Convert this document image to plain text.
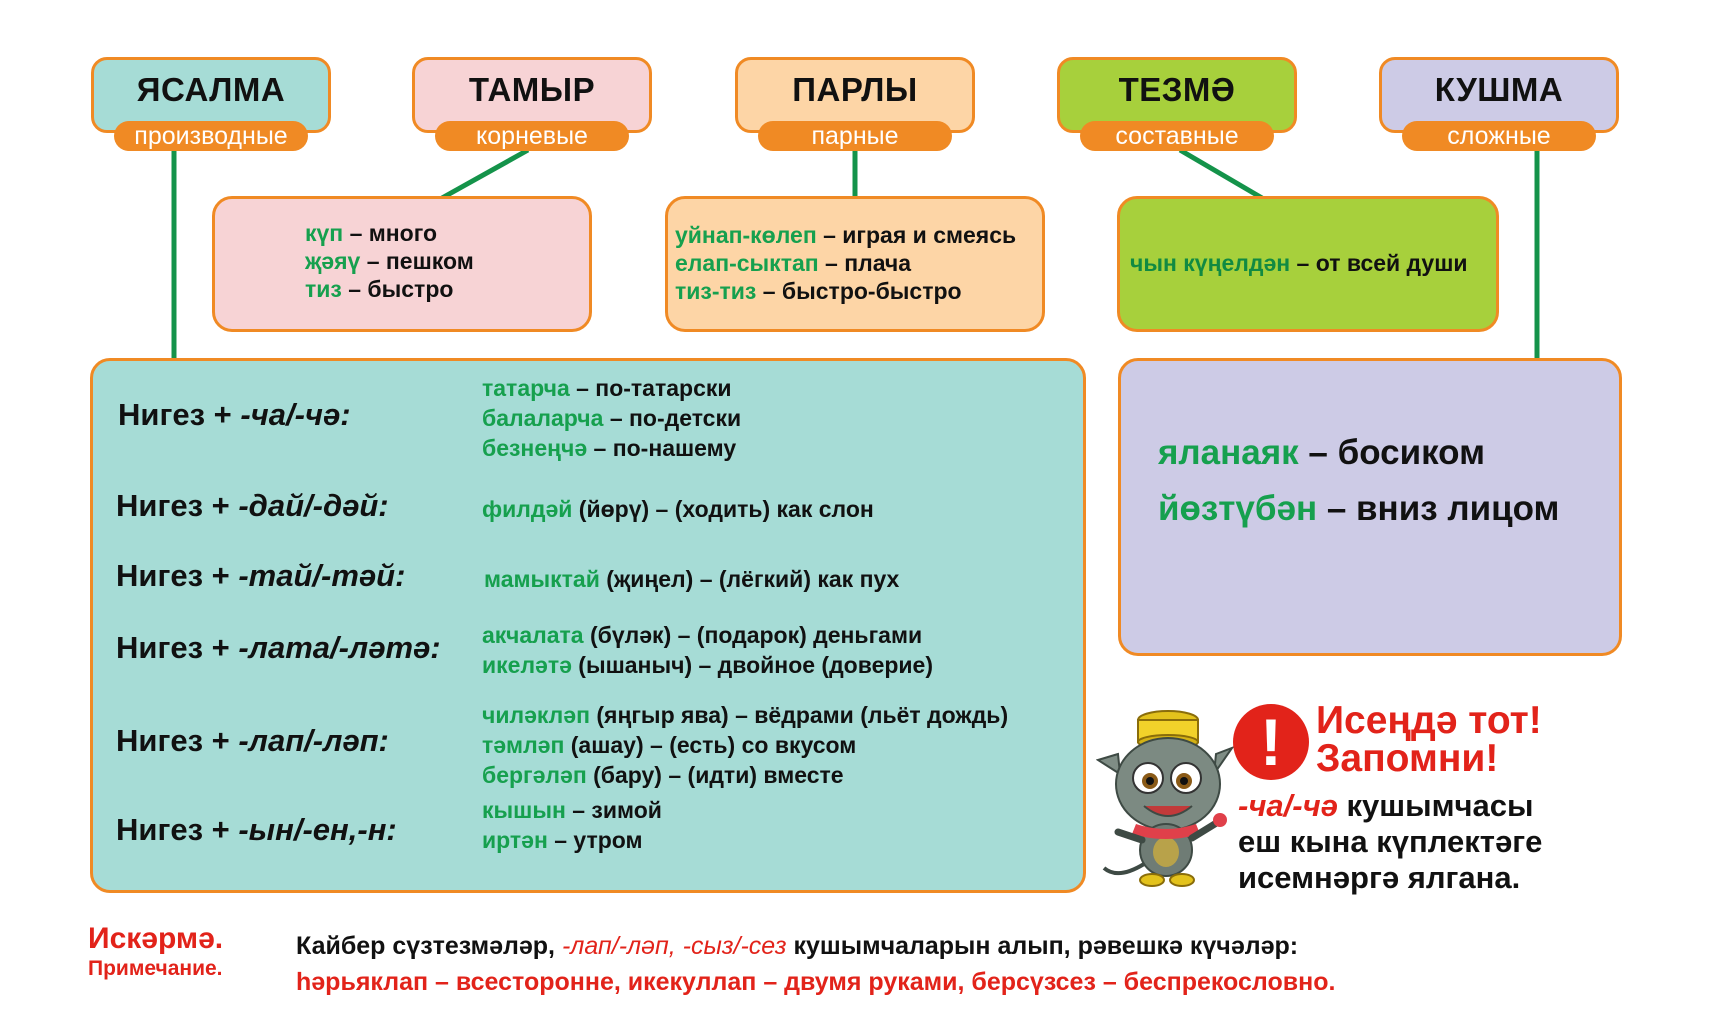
ЯСАЛМА
производные
ТАМЫР
корневые
ПАРЛЫ
парные
ТЕЗМӘ
составные
КУШМА
сложные
күп – много
җәяү – пешком
тиз – быстро
уйнап-көлеп – играя и смеясь
елап-сыктап – плача
тиз-тиз – быстро-быстро
чын күңелдән – от всей души
Нигез + -ча/-чә:
татарча – по-татарски
балаларча – по-детски
безнеңчә – по-нашему
Нигез + -дай/-дәй:	филдәй (йөрү) – (ходить) как слон
Нигез + -тай/-тәй:	мамыктай (җиңел) – (лёгкий) как пух
Нигез + -лата/-ләтә: акчалата (бүләк) – (подарок) деньгами
икеләтә (ышаныч) – двойное (доверие)
Нигез + -лап/-ләп:
чиләкләп (яңгыр ява) – вёдрами (льёт дождь)
тәмләп (ашау) – (есть) со вкусом
бергәләп (бару) – (идти) вместе
Нигез + -ын/-ен,-н:
кышын – зимой
иртән – утром
яланаяк – босиком
йөзтүбән – вниз лицом
! Исеңдә тот!
Запомни!
-ча/-чә кушымчасы
еш кына күплектәге
исемнәргә ялгана.
Искәрмә.
Примечание.
Кайбер сүзтезмәләр, -лап/-ләп, -сыз/-сез кушымчаларын алып, рәвешкә күчәләр:
һәрьяклап – всесторонне, икекуллап – двумя руками, берсүзсез – беспрекословно.
